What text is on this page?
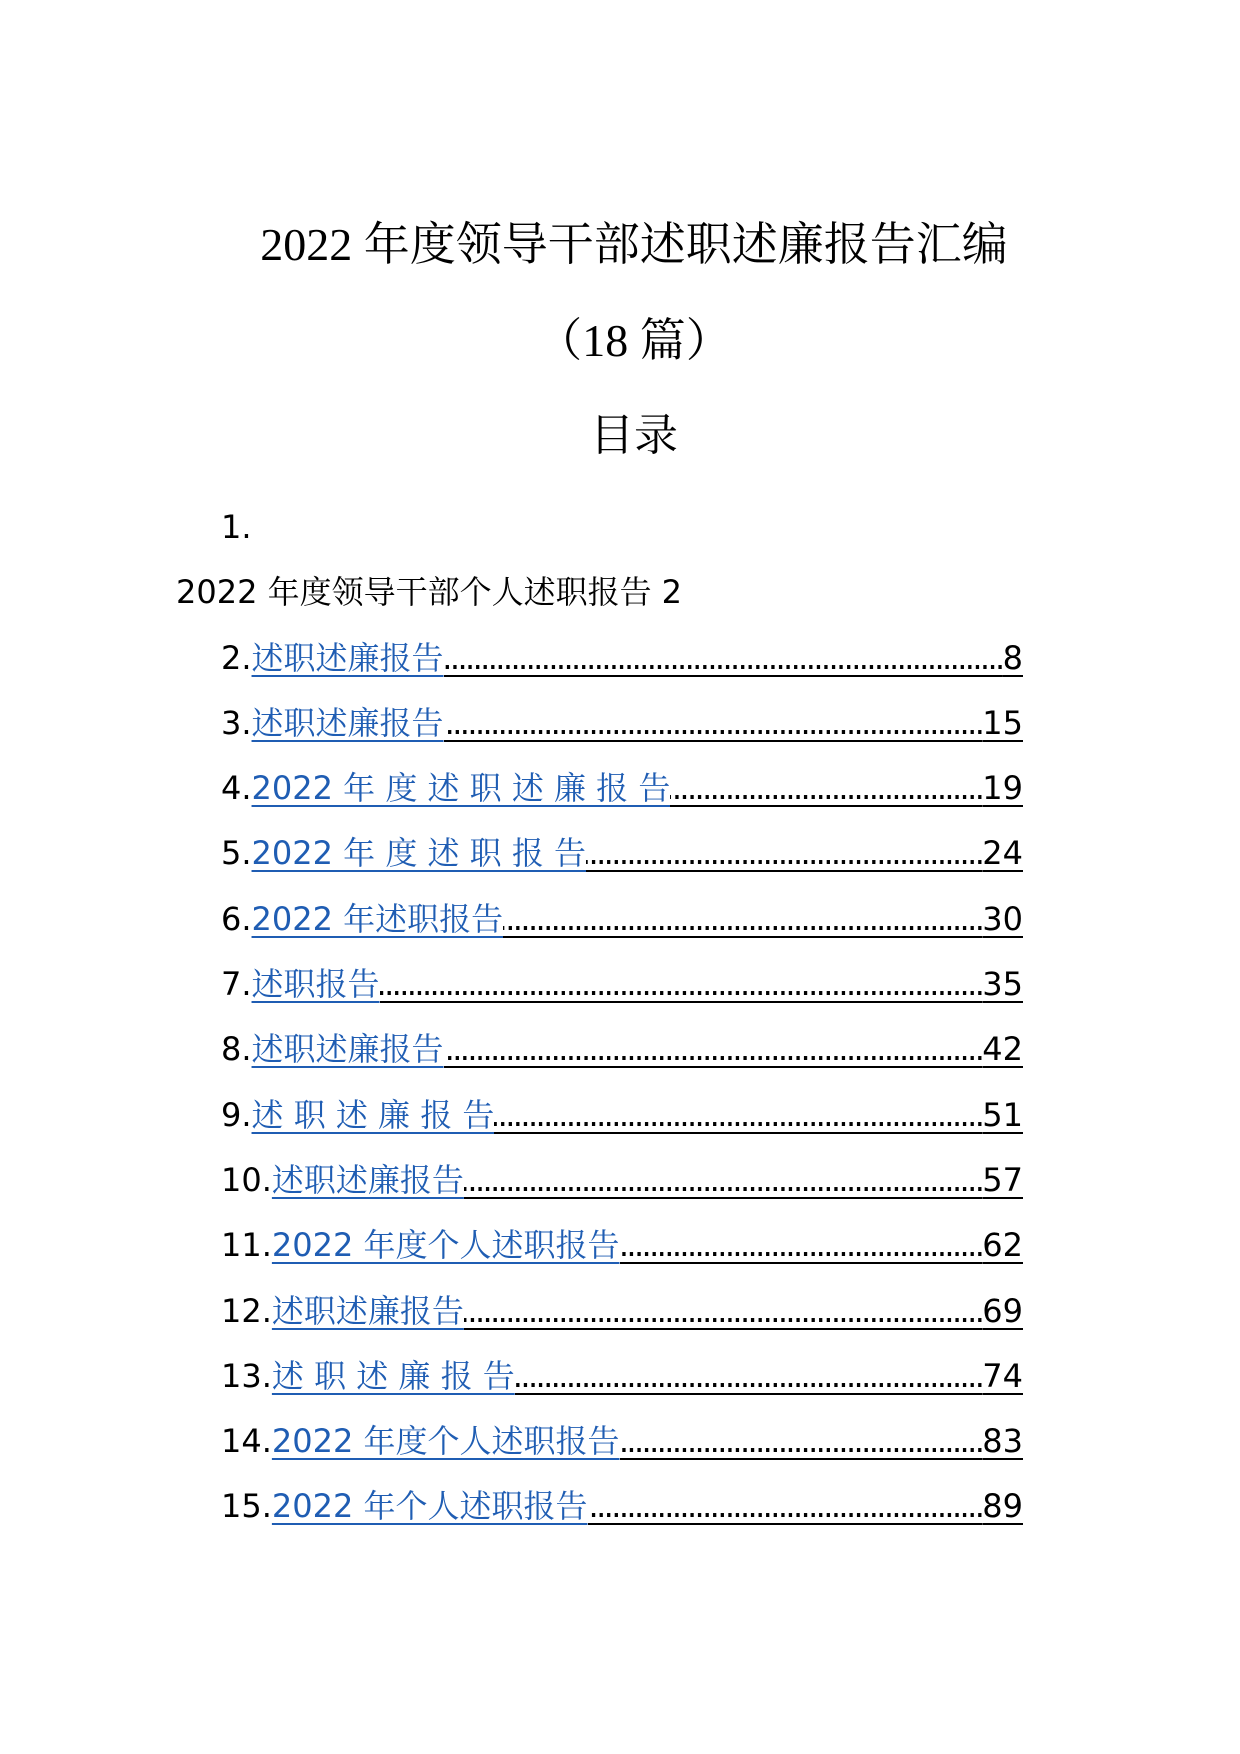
2022 年度领导干部述职述廉报告汇编
（18 篇）
目录
1.
2022 年度领导干部个人述职报告 2
2. 述职述廉报告 .....	8
3. 述职述廉报告 .....	15
4. 2022 年 度 述 职 述 廉 报 告 .....	19
5. 2022 年 度 述 职 报 告 .....	24
6. 2022 年述职报告 .....	30
7. 述职报告 .....	35
8. 述职述廉报告 .....	42
9. 述 职 述 廉 报 告 .....	51
10. 述职述廉报告 .....	57
11. 2022 年度个人述职报告 .....	62
12. 述职述廉报告 .....	69
13. 述 职 述 廉 报 告 .....	74
14. 2022 年度个人述职报告 .....	83
15. 2022 年个人述职报告 .....	89
